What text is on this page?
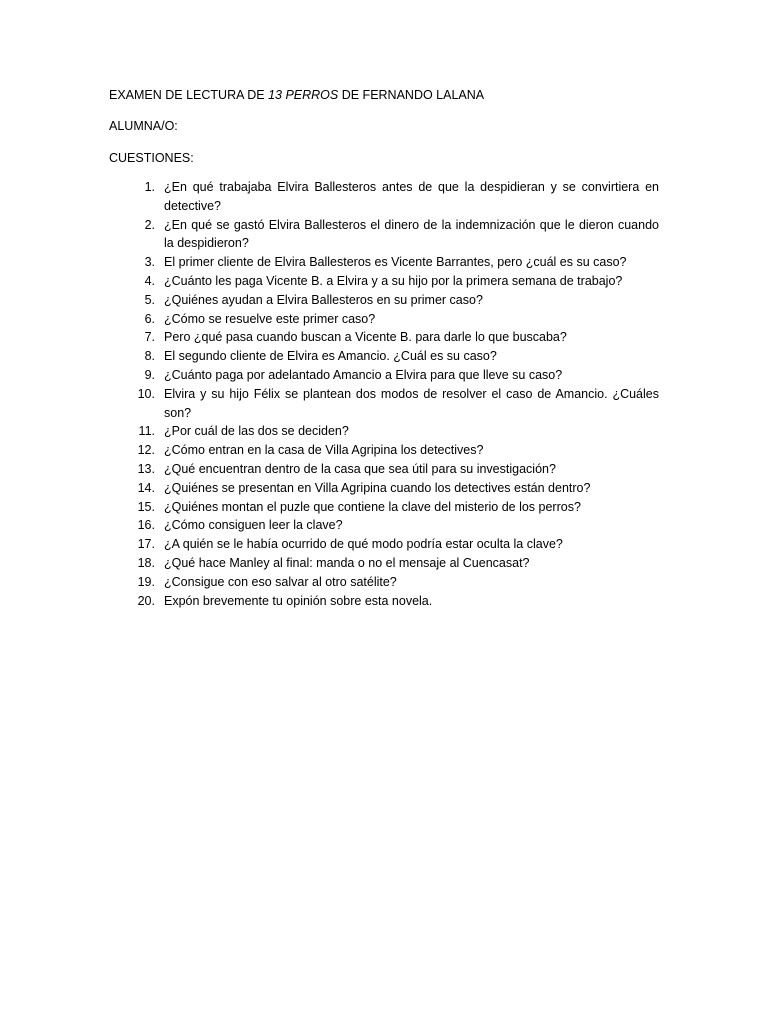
EXAMEN DE LECTURA DE 13 PERROS DE FERNANDO LALANA
ALUMNA/O:
CUESTIONES:
1. ¿En qué trabajaba Elvira Ballesteros antes de que la despidieran y se convirtiera en detective?
2. ¿En qué se gastó Elvira Ballesteros el dinero de la indemnización que le dieron cuando la despidieron?
3. El primer cliente de Elvira Ballesteros es Vicente Barrantes, pero ¿cuál es su caso?
4. ¿Cuánto les paga Vicente B. a Elvira y a su hijo por la primera semana de trabajo?
5. ¿Quiénes ayudan a Elvira Ballesteros en su primer caso?
6. ¿Cómo se resuelve este primer caso?
7. Pero ¿qué pasa cuando buscan a Vicente B. para darle lo que buscaba?
8. El segundo cliente de Elvira es Amancio. ¿Cuál es su caso?
9. ¿Cuánto paga por adelantado Amancio a Elvira para que lleve su caso?
10. Elvira y su hijo Félix se plantean dos modos de resolver el caso de Amancio. ¿Cuáles son?
11. ¿Por cuál de las dos se deciden?
12. ¿Cómo entran en la casa de Villa Agripina los detectives?
13. ¿Qué encuentran dentro de la casa que sea útil para su investigación?
14. ¿Quiénes se presentan en Villa Agripina cuando los detectives están dentro?
15. ¿Quiénes montan el puzle que contiene la clave del misterio de los perros?
16. ¿Cómo consiguen leer la clave?
17. ¿A quién se le había ocurrido de qué modo podría estar oculta la clave?
18. ¿Qué hace Manley al final: manda o no el mensaje al Cuencasat?
19. ¿Consigue con eso salvar al otro satélite?
20. Expón brevemente tu opinión sobre esta novela.
